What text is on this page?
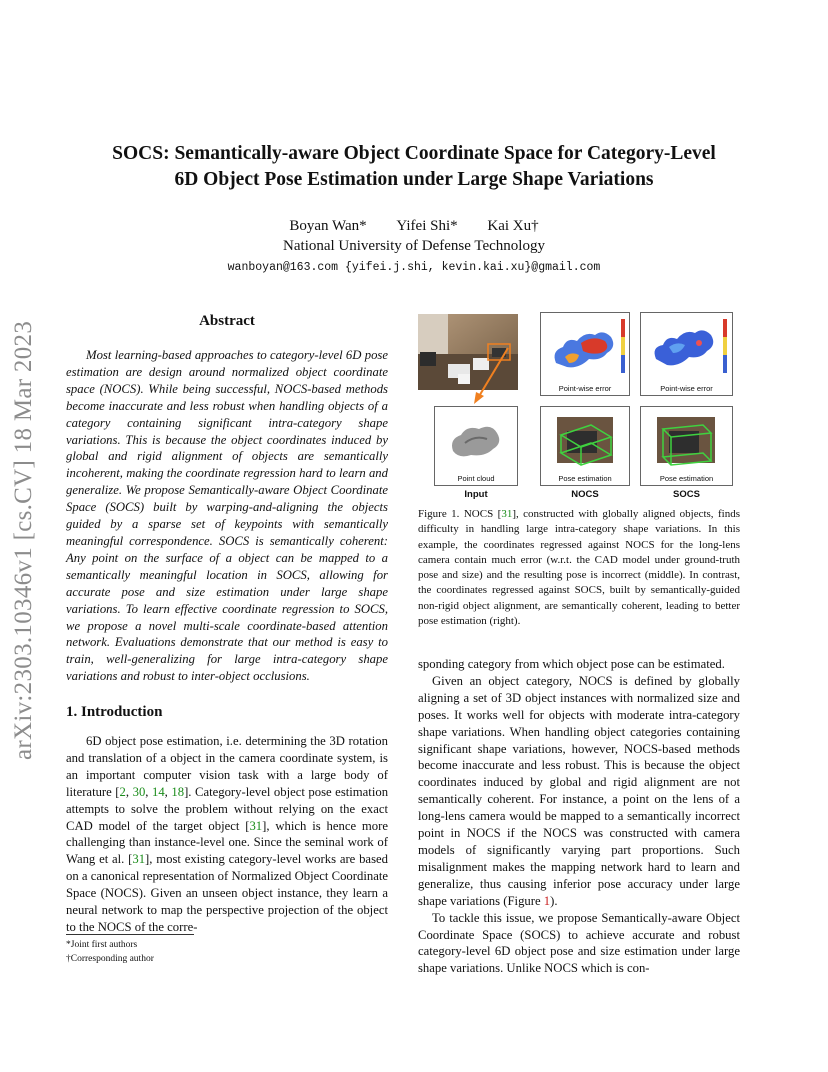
SOCS: Semantically-aware Object Coordinate Space for Category-Level
6D Object Pose Estimation under Large Shape Variations
Boyan Wan* Yifei Shi* Kai Xu†
National University of Defense Technology
wanboyan@163.com {yifei.j.shi, kevin.kai.xu}@gmail.com
arXiv:2303.10346v1 [cs.CV] 18 Mar 2023	Abstract
Most learning-based approaches to category-level 6D pose estimation are design around normalized object coordinate space (NOCS). While being successful, NOCS-based methods become inaccurate and less robust when handling objects of a category containing significant intra-category shape variations. This is because the object coordinates induced by global and rigid alignment of objects are semantically incoherent, making the coordinate regression hard to learn and generalize. We propose Semantically-aware Object Coordinate Space (SOCS) built by warping-and-aligning the objects guided by a sparse set of keypoints with semantically meaningful correspondence. SOCS is semantically coherent: Any point on the surface of a object can be mapped to a semantically meaningful location in SOCS, allowing for accurate pose and size estimation under large shape variations. To learn effective coordinate regression to SOCS, we propose a novel multi-scale coordinate-based attention network. Evaluations demonstrate that our method is easy to train, well-generalizing for large intra-category shape variations and robust to inter-object occlusions.
1. Introduction
6D object pose estimation, i.e. determining the 3D rotation and translation of a object in the camera coordinate system, is an important computer vision task with a large body of literature [2, 30, 14, 18]. Category-level object pose estimation attempts to solve the problem without relying on the exact CAD model of the target object [31], which is hence more challenging than instance-level one. Since the seminal work of Wang et al. [31], most existing category-level works are based on a canonical representation of Normalized Object Coordinate Space (NOCS). Given an unseen object instance, they learn a neural network to map the perspective projection of the object to the NOCS of the corre-
*Joint first authors
†Corresponding author
Point-wise error	Point-wise error
Point cloud	Pose estimation	Pose estimation
Input	NOCS	SOCS
Figure 1. NOCS [31], constructed with globally aligned objects, finds difficulty in handling large intra-category shape variations. In this example, the coordinates regressed against NOCS for the long-lens camera contain much error (w.r.t. the CAD model under ground-truth pose and size) and the resulting pose is incorrect (middle). In contrast, the coordinates regressed against SOCS, built by semantically-guided non-rigid object alignment, are semantically coherent, leading to better pose estimation (right).

sponding category from which object pose can be estimated.

Given an object category, NOCS is defined by globally aligning a set of 3D object instances with normalized size and poses. It works well for objects with moderate intra-category shape variations. When handling object categories containing significant shape variations, however, NOCS-based methods become inaccurate and less robust. This is because the object coordinates induced by global and rigid alignment are not semantically coherent. For instance, a point on the lens of a long-lens camera would be mapped to a semantically incorrect point in NOCS if the NOCS was constructed with camera models of significantly varying part proportions. Such misalignment makes the mapping network hard to learn and generalize, thus causing inferior pose accuracy under large shape variations (Figure 1).

To tackle this issue, we propose Semantically-aware Object Coordinate Space (SOCS) to achieve accurate and robust category-level 6D object pose and size estimation under large shape variations. Unlike NOCS which is con-
